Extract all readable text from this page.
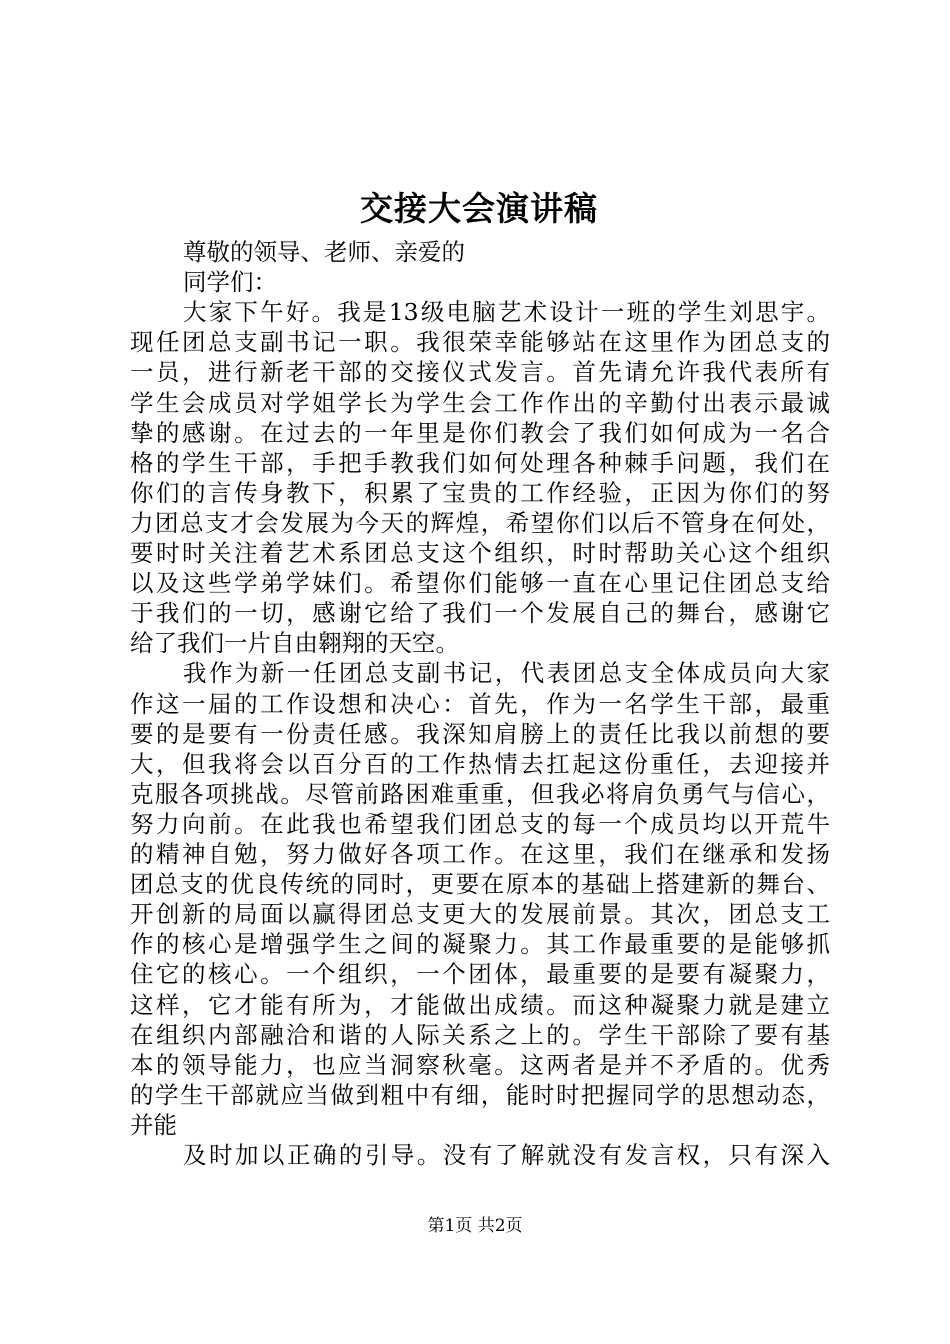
交接大会演讲稿
尊敬的领导、老师、亲爱的
同学们：
大家下午好。我是13级电脑艺术设计一班的学生刘思宇。
现任团总支副书记一职。我很荣幸能够站在这里作为团总支的
一员，进行新老干部的交接仪式发言。首先请允许我代表所有
学生会成员对学姐学长为学生会工作作出的辛勤付出表示最诚
挚的感谢。在过去的一年里是你们教会了我们如何成为一名合
格的学生干部，手把手教我们如何处理各种棘手问题，我们在
你们的言传身教下，积累了宝贵的工作经验，正因为你们的努
力团总支才会发展为今天的辉煌，希望你们以后不管身在何处，
要时时关注着艺术系团总支这个组织，时时帮助关心这个组织
以及这些学弟学妹们。希望你们能够一直在心里记住团总支给
于我们的一切，感谢它给了我们一个发展自己的舞台，感谢它
给了我们一片自由翱翔的天空。
我作为新一任团总支副书记，代表团总支全体成员向大家
作这一届的工作设想和决心：首先，作为一名学生干部，最重
要的是要有一份责任感。我深知肩膀上的责任比我以前想的要
大，但我将会以百分百的工作热情去扛起这份重任，去迎接并
克服各项挑战。尽管前路困难重重，但我必将肩负勇气与信心，
努力向前。在此我也希望我们团总支的每一个成员均以开荒牛
的精神自勉，努力做好各项工作。在这里，我们在继承和发扬
团总支的优良传统的同时，更要在原本的基础上搭建新的舞台、
开创新的局面以赢得团总支更大的发展前景。其次，团总支工
作的核心是增强学生之间的凝聚力。其工作最重要的是能够抓
住它的核心。一个组织，一个团体，最重要的是要有凝聚力，
这样，它才能有所为，才能做出成绩。而这种凝聚力就是建立
在组织内部融洽和谐的人际关系之上的。学生干部除了要有基
本的领导能力，也应当洞察秋毫。这两者是并不矛盾的。优秀
的学生干部就应当做到粗中有细，能时时把握同学的思想动态，
并能
及时加以正确的引导。没有了解就没有发言权，只有深入
第1页 共2页
